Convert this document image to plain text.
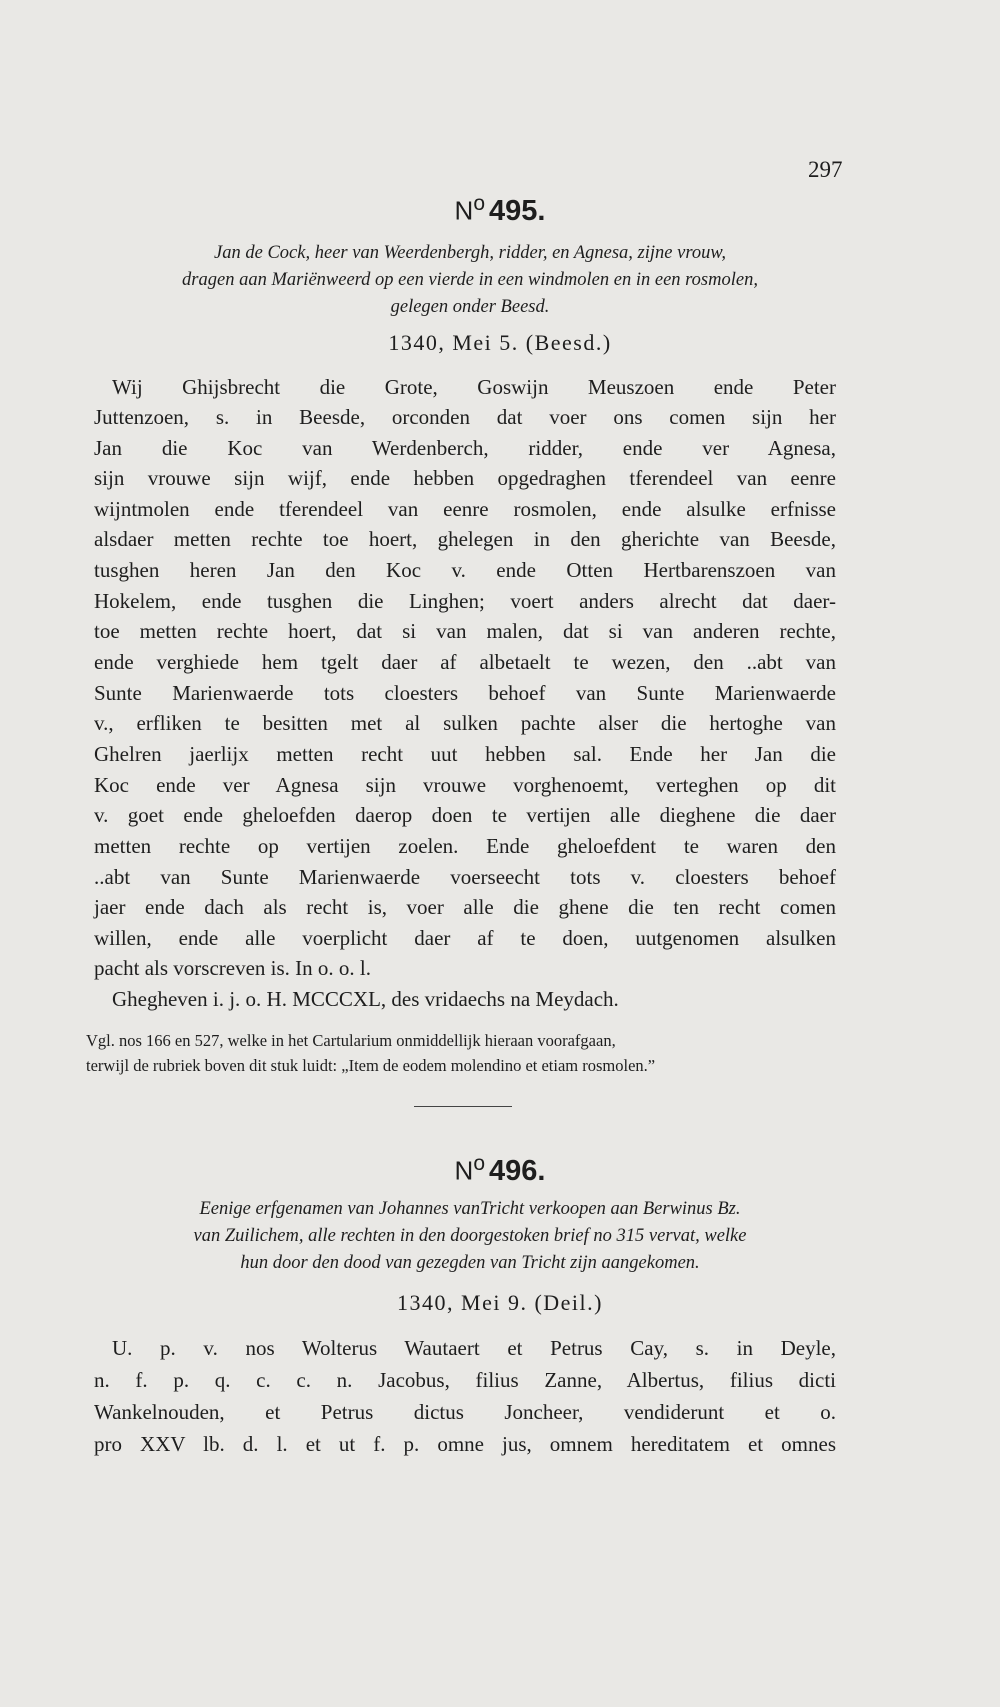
297
$N^o$ 495.
Jan de Cock, heer van Weerdenbergh, ridder, en Agnesa, zijne vrouw,
dragen aan Mariënweerd op een vierde in een windmolen en in een rosmolen,
gelegen onder Beesd.
1340, Mei 5. (Beesd.)
Wij Ghijsbrecht die Grote, Goswijn Meuszoen ende Peter
Juttenzoen, s. in Beesde, orconden dat voer ons comen sijn her
Jan die Koc van Werdenberch, ridder, ende ver Agnesa,
sijn vrouwe sijn wijf, ende hebben opgedraghen tferendeel van eenre
wijntmolen ende tferendeel van eenre rosmolen, ende alsulke erfnisse
alsdaer metten rechte toe hoert, ghelegen in den gherichte van Beesde,
tusghen heren Jan den Koc v. ende Otten Hertbarenszoen van
Hokelem, ende tusghen die Linghen; voert anders alrecht dat daer-
toe metten rechte hoert, dat si van malen, dat si van anderen rechte,
ende verghiede hem tgelt daer af albetaelt te wezen, den ..abt van
Sunte Marienwaerde tots cloesters behoef van Sunte Marienwaerde
v., erfliken te besitten met al sulken pachte alser die hertoghe van
Ghelren jaerlijx metten recht uut hebben sal. Ende her Jan die
Koc ende ver Agnesa sijn vrouwe vorghenoemt, verteghen op dit
v. goet ende gheloefden daerop doen te vertijen alle dieghene die daer
metten rechte op vertijen zoelen. Ende gheloefdent te waren den
..abt van Sunte Marienwaerde voerseecht tots v. cloesters behoef
jaer ende dach als recht is, voer alle die ghene die ten recht comen
willen, ende alle voerplicht daer af te doen, uutgenomen alsulken
pacht als vorscreven is. In o. o. l.
Ghegheven i. j. o. H. MCCCXL, des vridaechs na Meydach.
Vgl. nos 166 en 527, welke in het Cartularium onmiddellijk hieraan voorafgaan,
terwijl de rubriek boven dit stuk luidt: „Item de eodem molendino et etiam rosmolen.”
$N^o$ 496.
Eenige erfgenamen van Johannes vanTricht verkoopen aan Berwinus Bz.
van Zuilichem, alle rechten in den doorgestoken brief no 315 vervat, welke
hun door den dood van gezegden van Tricht zijn aangekomen.
1340, Mei 9. (Deil.)
U. p. v. nos Wolterus Wautaert et Petrus Cay, s. in Deyle,
n. f. p. q. c. c. n. Jacobus, filius Zanne, Albertus, filius dicti
Wankelnouden, et Petrus dictus Joncheer, vendiderunt et o.
pro XXV lb. d. l. et ut f. p. omne jus, omnem hereditatem et omnes
